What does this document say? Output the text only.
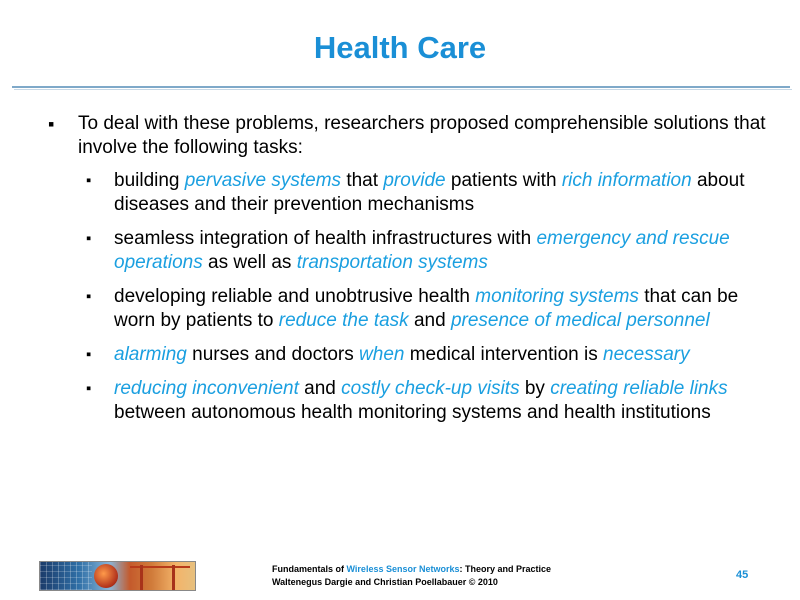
Health Care
▪ To deal with these problems, researchers proposed comprehensible solutions that involve the following tasks:
▪ building pervasive systems that provide patients with rich information about diseases and their prevention mechanisms
▪ seamless integration of health infrastructures with emergency and rescue operations as well as transportation systems
▪ developing reliable and unobtrusive health monitoring systems that can be worn by patients to reduce the task and presence of medical personnel
▪ alarming nurses and doctors when medical intervention is necessary
▪ reducing inconvenient and costly check-up visits by creating reliable links between autonomous health monitoring systems and health institutions
Fundamentals of Wireless Sensor Networks: Theory and Practice
Waltenegus Dargie and Christian Poellabauer © 2010
45
